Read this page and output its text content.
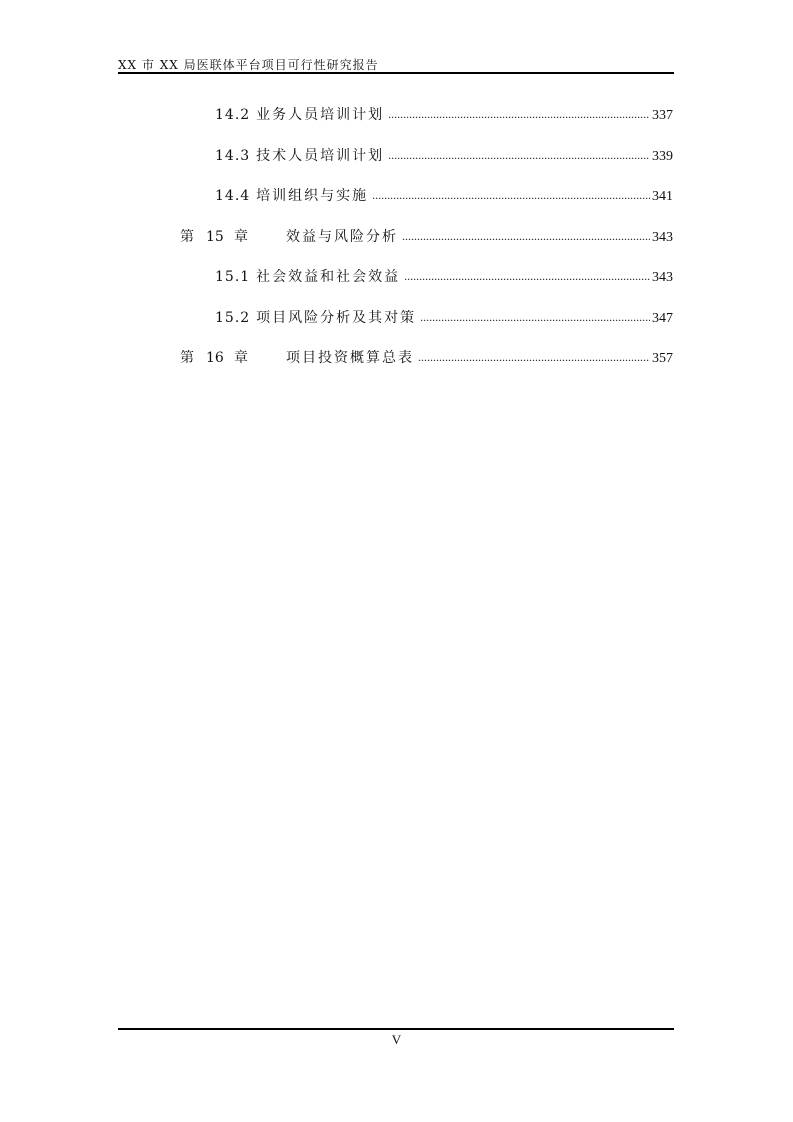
XX 市 XX 局医联体平台项目可行性研究报告
14.2 业务人员培训计划 .....	337
14.3 技术人员培训计划 .....	339
14.4 培训组织与实施 .....	341
第 15 章	效益与风险分析 .....	343
15.1 社会效益和社会效益 .....	343
15.2 项目风险分析及其对策 .....	347
第 16 章	项目投资概算总表 .....	357
V
